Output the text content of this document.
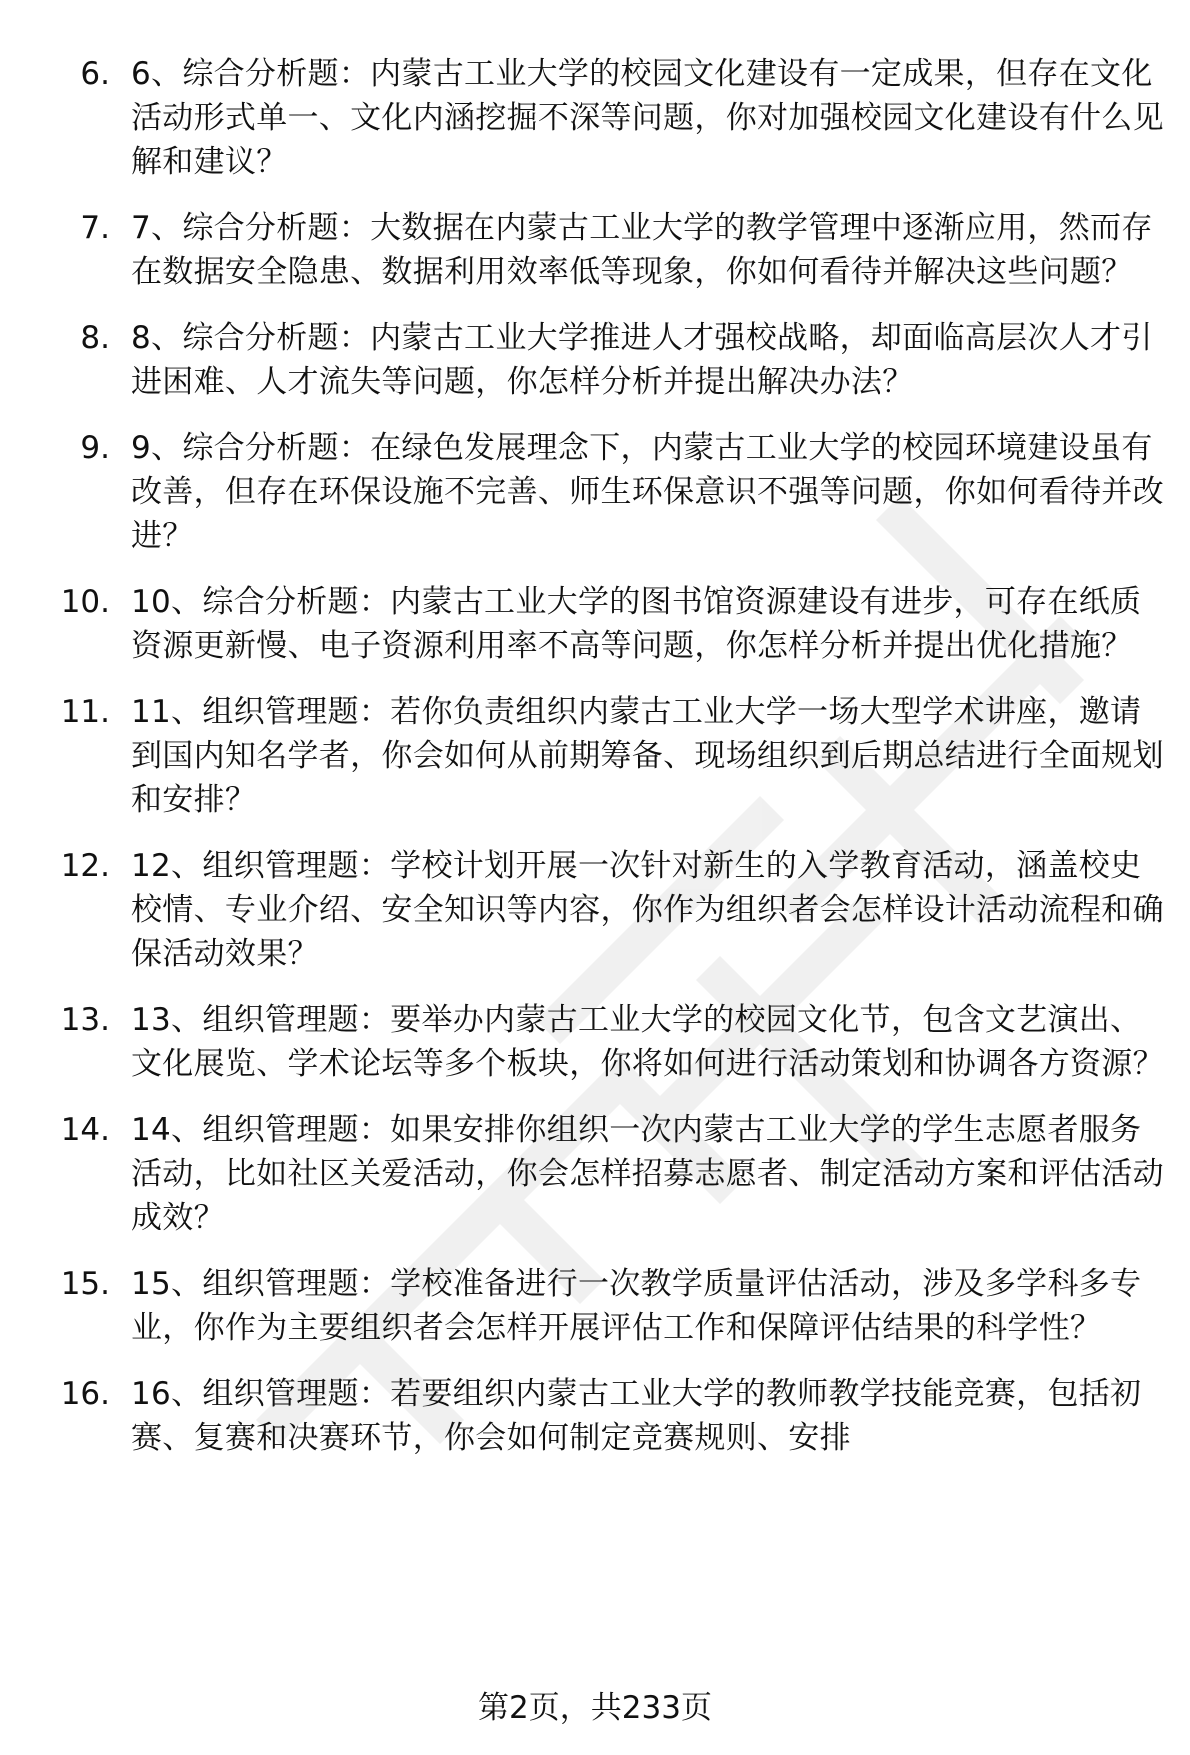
6. 6、综合分析题：内蒙古工业大学的校园文化建设有一定成果，但存在文化活动形式单一、文化内涵挖掘不深等问题，你对加强校园文化建设有什么见解和建议？
7. 7、综合分析题：大数据在内蒙古工业大学的教学管理中逐渐应用，然而存在数据安全隐患、数据利用效率低等现象，你如何看待并解决这些问题？
8. 8、综合分析题：内蒙古工业大学推进人才强校战略，却面临高层次人才引进困难、人才流失等问题，你怎样分析并提出解决办法？
9. 9、综合分析题：在绿色发展理念下，内蒙古工业大学的校园环境建设虽有改善，但存在环保设施不完善、师生环保意识不强等问题，你如何看待并改进？
10. 10、综合分析题：内蒙古工业大学的图书馆资源建设有进步，可存在纸质资源更新慢、电子资源利用率不高等问题，你怎样分析并提出优化措施？
11. 11、组织管理题：若你负责组织内蒙古工业大学一场大型学术讲座，邀请到国内知名学者，你会如何从前期筹备、现场组织到后期总结进行全面规划和安排？
12. 12、组织管理题：学校计划开展一次针对新生的入学教育活动，涵盖校史校情、专业介绍、安全知识等内容，你作为组织者会怎样设计活动流程和确保活动效果？
13. 13、组织管理题：要举办内蒙古工业大学的校园文化节，包含文艺演出、文化展览、学术论坛等多个板块，你将如何进行活动策划和协调各方资源？
14. 14、组织管理题：如果安排你组织一次内蒙古工业大学的学生志愿者服务活动，比如社区关爱活动，你会怎样招募志愿者、制定活动方案和评估活动成效？
15. 15、组织管理题：学校准备进行一次教学质量评估活动，涉及多学科多专业，你作为主要组织者会怎样开展评估工作和保障评估结果的科学性？
16. 16、组织管理题：若要组织内蒙古工业大学的教师教学技能竞赛，包括初赛、复赛和决赛环节，你会如何制定竞赛规则、安排
第2页，共233页
